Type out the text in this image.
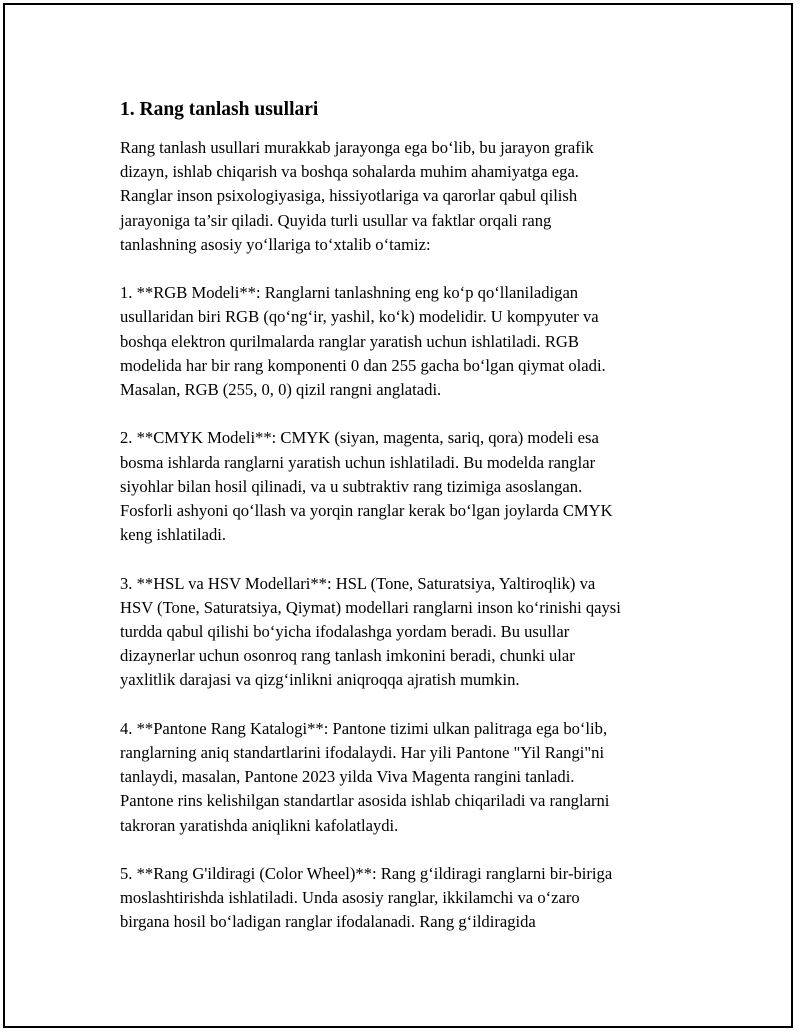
1. Rang tanlash usullari

Rang tanlash usullari murakkab jarayonga ega bo‘lib, bu jarayon grafik
dizayn, ishlab chiqarish va boshqa sohalarda muhim ahamiyatga ega.
Ranglar inson psixologiyasiga, hissiyotlariga va qarorlar qabul qilish
jarayoniga ta’sir qiladi. Quyida turli usullar va faktlar orqali rang
tanlashning asosiy yo‘llariga to‘xtalib o‘tamiz:

1. **RGB Modeli**: Ranglarni tanlashning eng ko‘p qo‘llaniladigan
usullaridan biri RGB (qo‘ng‘ir, yashil, ko‘k) modelidir. U kompyuter va
boshqa elektron qurilmalarda ranglar yaratish uchun ishlatiladi. RGB
modelida har bir rang komponenti 0 dan 255 gacha bo‘lgan qiymat oladi.
Masalan, RGB (255, 0, 0) qizil rangni anglatadi.

2. **CMYK Modeli**: CMYK (siyan, magenta, sariq, qora) modeli esa
bosma ishlarda ranglarni yaratish uchun ishlatiladi. Bu modelda ranglar
siyohlar bilan hosil qilinadi, va u subtraktiv rang tizimiga asoslangan.
Fosforli ashyoni qo‘llash va yorqin ranglar kerak bo‘lgan joylarda CMYK
keng ishlatiladi.

3. **HSL va HSV Modellari**: HSL (Tone, Saturatsiya, Yaltiroqlik) va
HSV (Tone, Saturatsiya, Qiymat) modellari ranglarni inson ko‘rinishi qaysi
turdda qabul qilishi bo‘yicha ifodalashga yordam beradi. Bu usullar
dizaynerlar uchun osonroq rang tanlash imkonini beradi, chunki ular
yaxlitlik darajasi va qizg‘inlikni aniqroqqa ajratish mumkin.

4. **Pantone Rang Katalogi**: Pantone tizimi ulkan palitraga ega bo‘lib,
ranglarning aniq standartlarini ifodalaydi. Har yili Pantone "Yil Rangi"ni
tanlaydi, masalan, Pantone 2023 yilda Viva Magenta rangini tanladi.
Pantone rins kelishilgan standartlar asosida ishlab chiqariladi va ranglarni
takroran yaratishda aniqlikni kafolatlaydi.

5. **Rang G'ildiragi (Color Wheel)**: Rang g‘ildiragi ranglarni bir-biriga
moslashtirishda ishlatiladi. Unda asosiy ranglar, ikkilamchi va o‘zaro
birgana hosil bo‘ladigan ranglar ifodalanadi. Rang g‘ildiragida
